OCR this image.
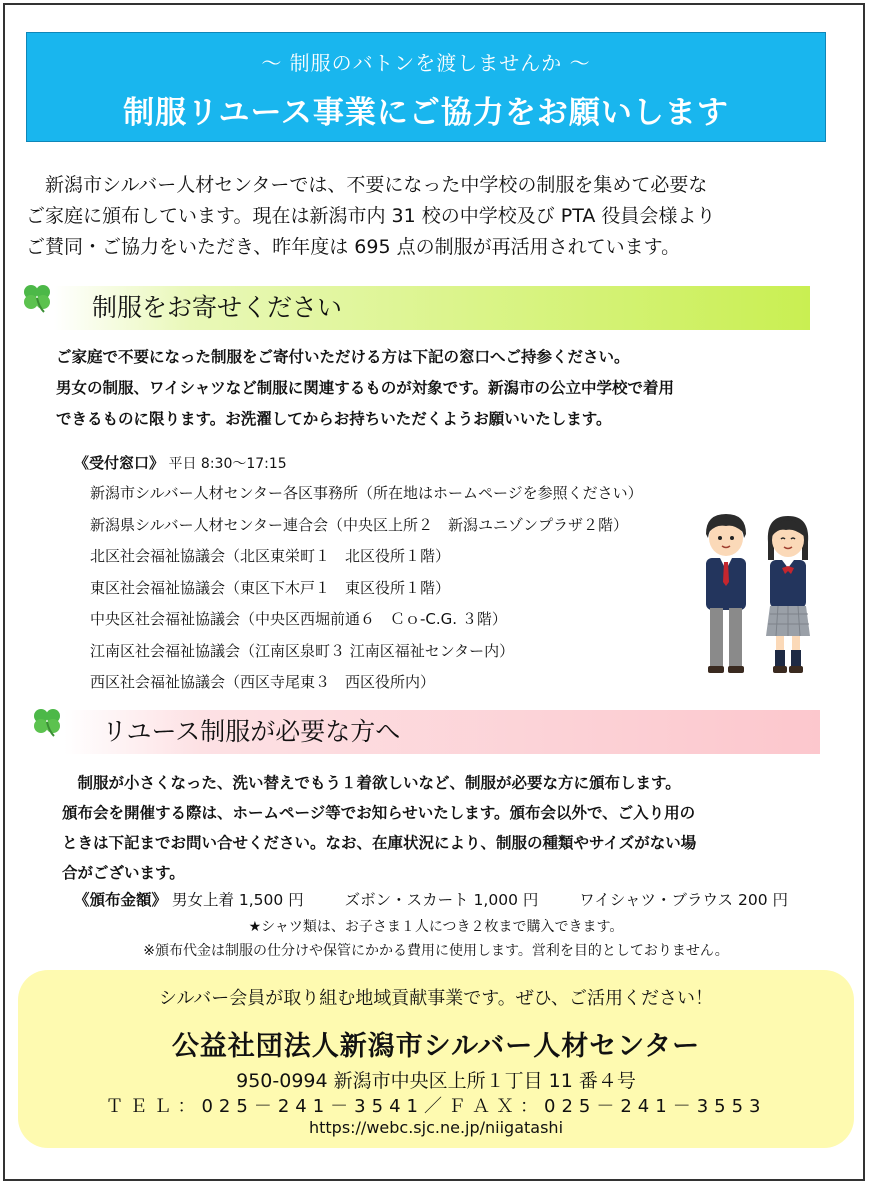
～ 制服のバトンを渡しませんか ～
制服リユース事業にご協力をお願いします
　新潟市シルバー人材センターでは、不要になった中学校の制服を集めて必要な
ご家庭に頒布しています。現在は新潟市内 31 校の中学校及び PTA 役員会様より
ご賛同・ご協力をいただき、昨年度は 695 点の制服が再活用されています。
制服をお寄せください
ご家庭で不要になった制服をご寄付いただける方は下記の窓口へご持参ください。
男女の制服、ワイシャツなど制服に関連するものが対象です。新潟市の公立中学校で着用
できるものに限ります。お洗濯してからお持ちいただくようお願いいたします。
《受付窓口》 平日 8:30～17:15
新潟市シルバー人材センター各区事務所（所在地はホームページを参照ください）
新潟県シルバー人材センター連合会（中央区上所２　新潟ユニゾンプラザ２階）
北区社会福祉協議会（北区東栄町１　北区役所１階）
東区社会福祉協議会（東区下木戸１　東区役所１階）
中央区社会福祉協議会（中央区西堀前通６　Ｃｏ-C.G. ３階）
江南区社会福祉協議会（江南区泉町３ 江南区福祉センター内）
西区社会福祉協議会（西区寺尾東３　西区役所内）
リユース制服が必要な方へ
　制服が小さくなった、洗い替えでもう１着欲しいなど、制服が必要な方に頒布します。
頒布会を開催する際は、ホームページ等でお知らせいたします。頒布会以外で、ご入り用の
ときは下記までお問い合せください。なお、在庫状況により、制服の種類やサイズがない場
合がございます。
《頒布金額》 男女上着 1,500 円	ズボン・スカート 1,000 円	ワイシャツ・ブラウス 200 円
★シャツ類は、お子さま１人につき２枚まで購入できます。
※頒布代金は制服の仕分けや保管にかかる費用に使用します。営利を目的としておりません。
シルバー会員が取り組む地域貢献事業です。ぜひ、ご活用ください！
公益社団法人新潟市シルバー人材センター
950-0994 新潟市中央区上所１丁目 11 番４号
ＴＥＬ：025－241－3541／ＦＡＸ：025－241－3553
https://webc.sjc.ne.jp/niigatashi
